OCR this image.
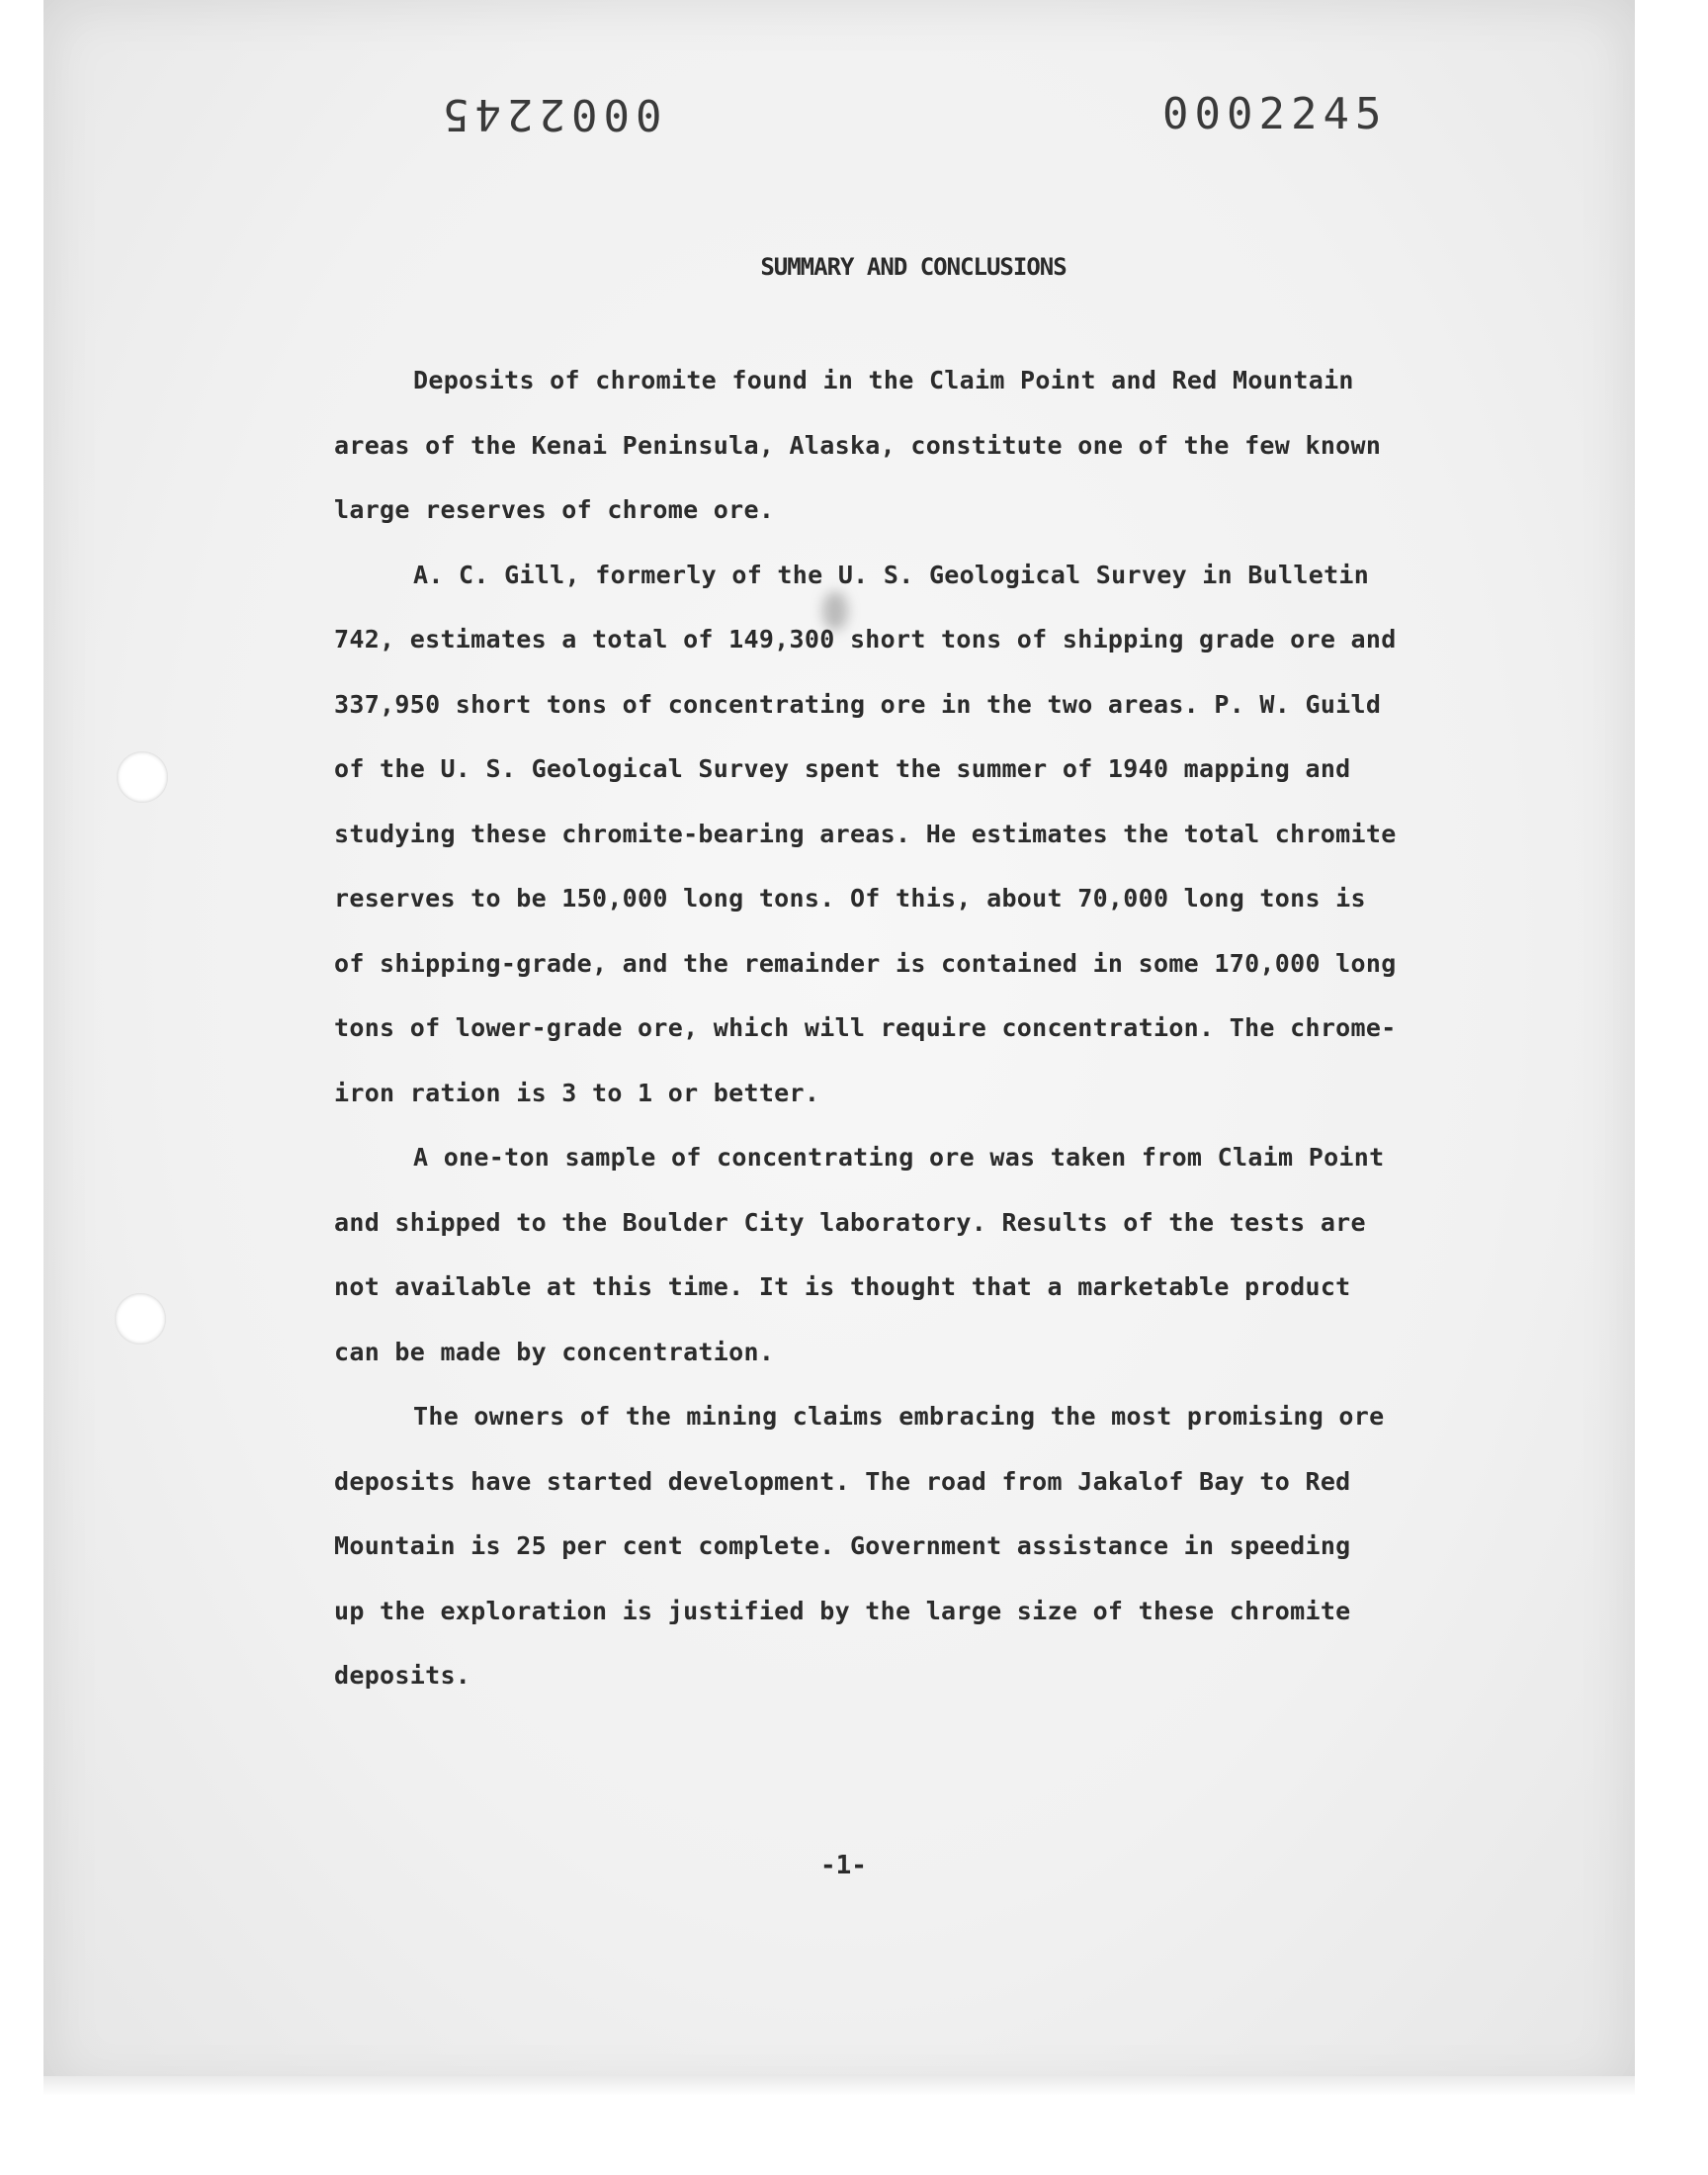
0002245	0002245
SUMMARY AND CONCLUSIONS
Deposits of chromite found in the Claim Point and Red Mountain
areas of the Kenai Peninsula, Alaska, constitute one of the few known
large reserves of chrome ore.
A. C. Gill, formerly of the U. S. Geological Survey in Bulletin
742, estimates a total of 149,300 short tons of shipping grade ore and
337,950 short tons of concentrating ore in the two areas. P. W. Guild
of the U. S. Geological Survey spent the summer of 1940 mapping and
studying these chromite-bearing areas. He estimates the total chromite
reserves to be 150,000 long tons. Of this, about 70,000 long tons is
of shipping-grade, and the remainder is contained in some 170,000 long
tons of lower-grade ore, which will require concentration. The chrome-
iron ration is 3 to 1 or better.
A one-ton sample of concentrating ore was taken from Claim Point
and shipped to the Boulder City laboratory. Results of the tests are
not available at this time. It is thought that a marketable product
can be made by concentration.
The owners of the mining claims embracing the most promising ore
deposits have started development. The road from Jakalof Bay to Red
Mountain is 25 per cent complete. Government assistance in speeding
up the exploration is justified by the large size of these chromite
deposits.
-1-
